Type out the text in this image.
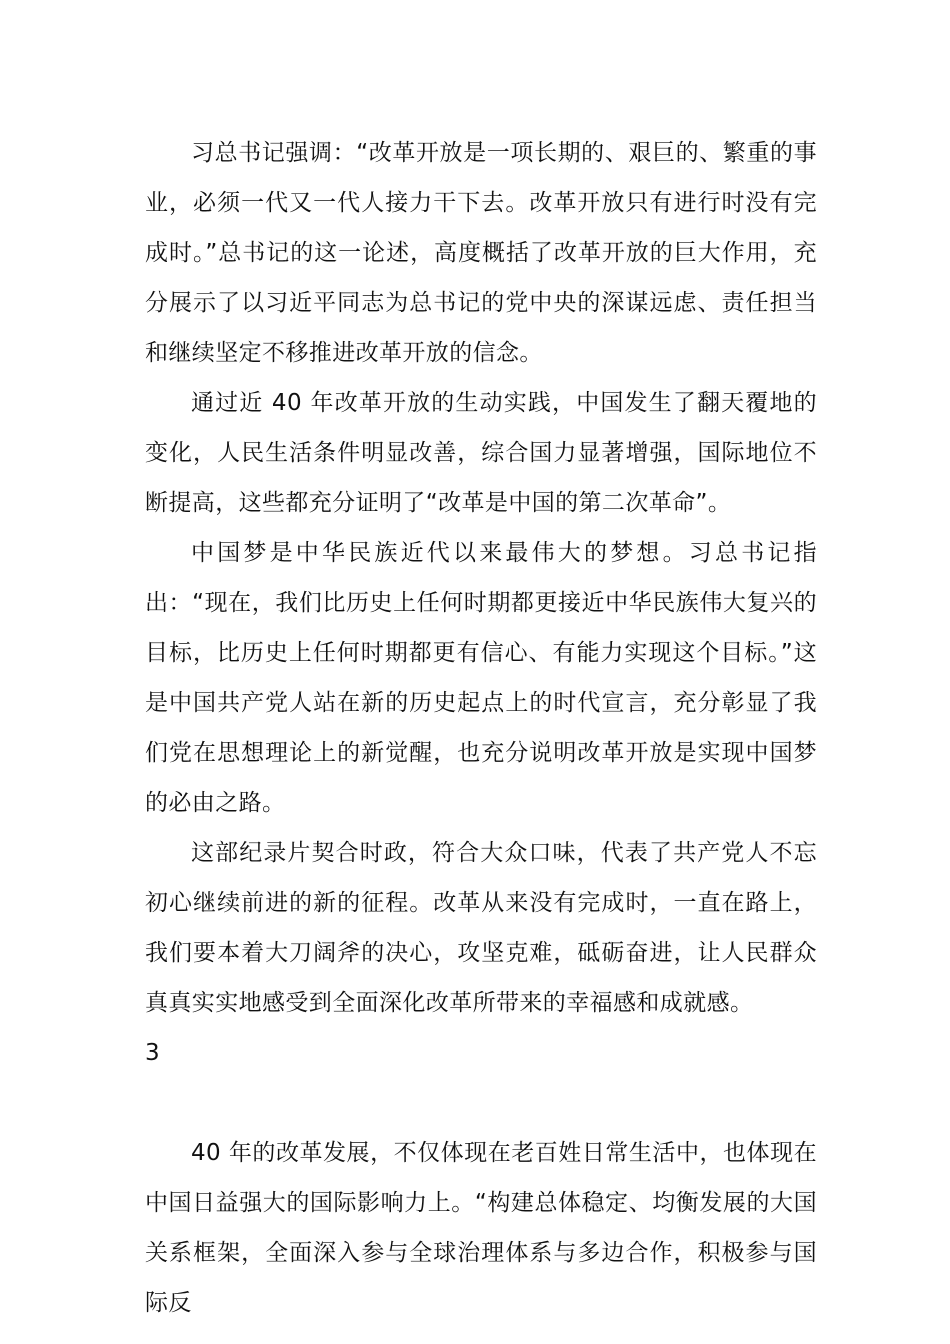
习总书记强调：“改革开放是一项长期的、艰巨的、繁重的事业，必须一代又一代人接力干下去。改革开放只有进行时没有完成时。”总书记的这一论述，高度概括了改革开放的巨大作用，充分展示了以习近平同志为总书记的党中央的深谋远虑、责任担当和继续坚定不移推进改革开放的信念。

通过近 40 年改革开放的生动实践，中国发生了翻天覆地的变化，人民生活条件明显改善，综合国力显著增强，国际地位不断提高，这些都充分证明了“改革是中国的第二次革命”。

中国梦是中华民族近代以来最伟大的梦想。习总书记指出：“现在，我们比历史上任何时期都更接近中华民族伟大复兴的目标，比历史上任何时期都更有信心、有能力实现这个目标。”这是中国共产党人站在新的历史起点上的时代宣言，充分彰显了我们党在思想理论上的新觉醒，也充分说明改革开放是实现中国梦的必由之路。

这部纪录片契合时政，符合大众口味，代表了共产党人不忘初心继续前进的新的征程。改革从来没有完成时，一直在路上，我们要本着大刀阔斧的决心，攻坚克难，砥砺奋进，让人民群众真真实实地感受到全面深化改革所带来的幸福感和成就感。

3

40 年的改革发展，不仅体现在老百姓日常生活中，也体现在中国日益强大的国际影响力上。“构建总体稳定、均衡发展的大国关系框架，全面深入参与全球治理体系与多边合作，积极参与国际反
